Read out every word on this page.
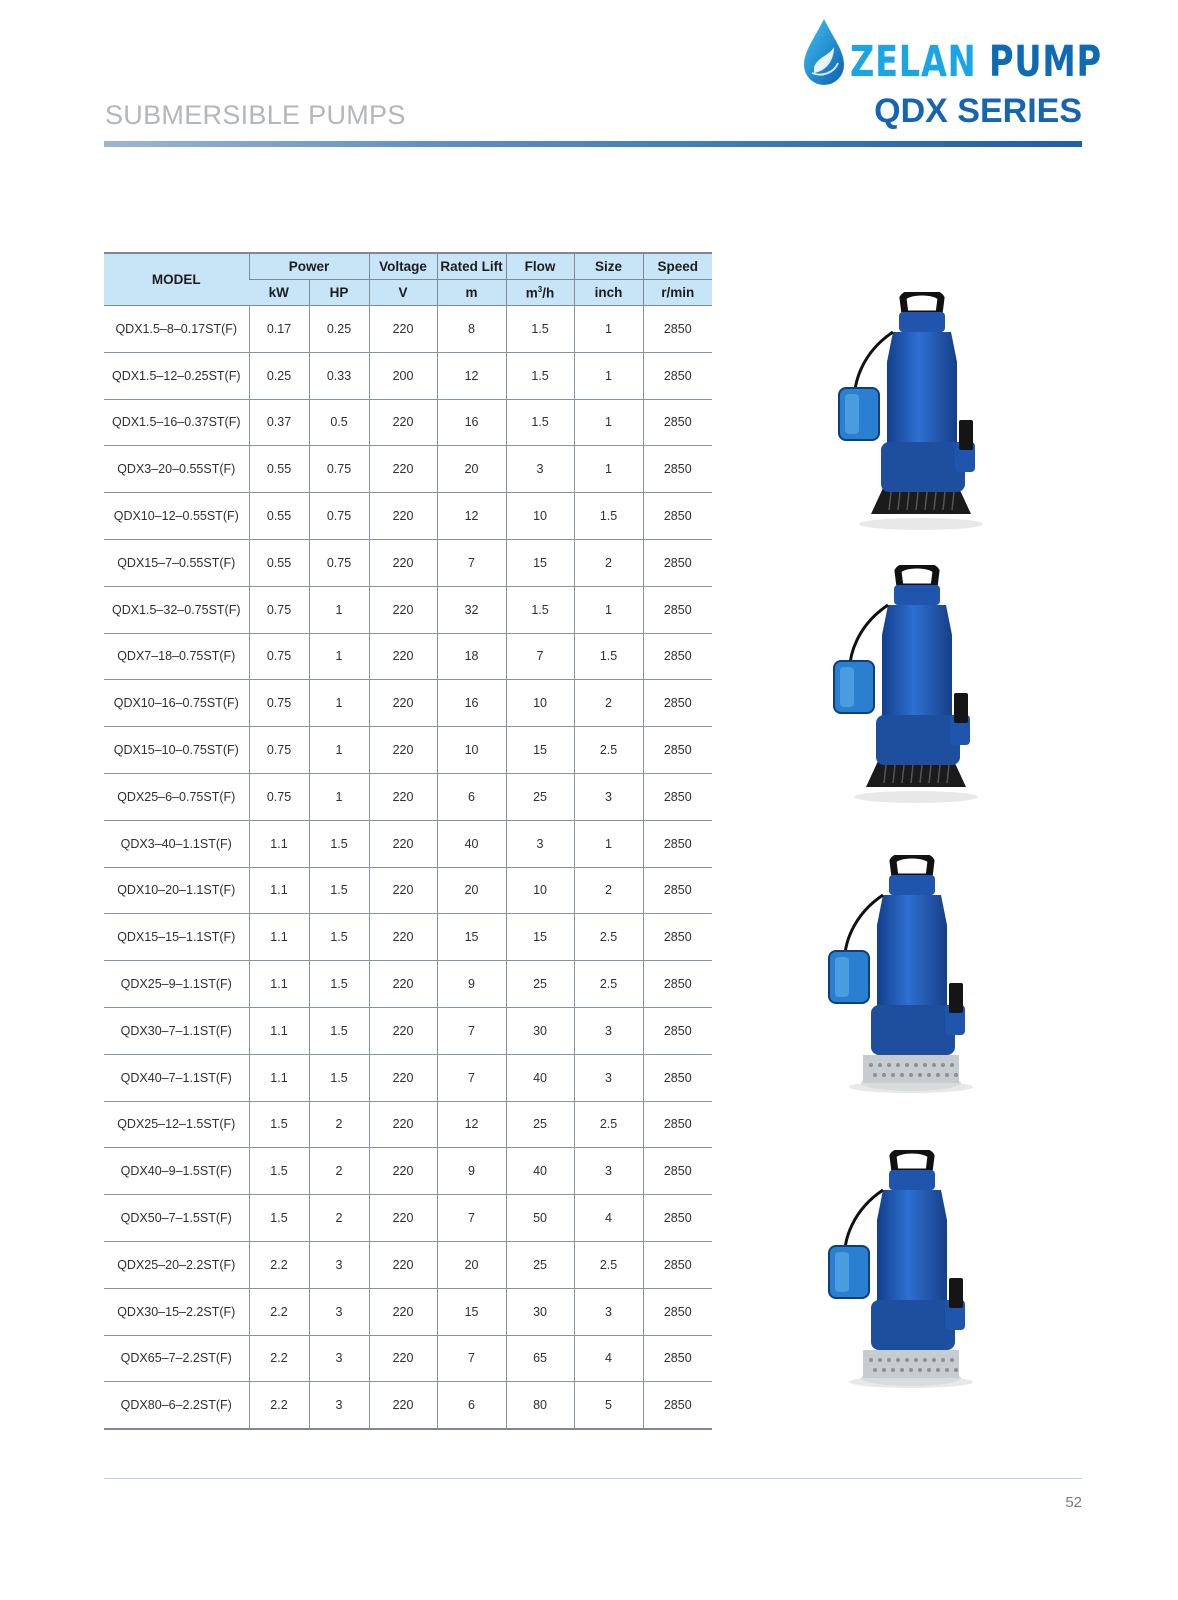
SUBMERSIBLE PUMPS
ZELAN PUMP
QDX SERIES
MODEL	Power		Voltage	Rated Lift	Flow	Size	Speed
	kW	HP	V	m	$m^3/h$	inch	r/min
QDX1.5–8–0.17ST(F)	0.17	0.25	220	8	1.5	1	2850
QDX1.5–12–0.25ST(F)	0.25	0.33	200	12	1.5	1	2850
QDX1.5–16–0.37ST(F)	0.37	0.5	220	16	1.5	1	2850
QDX3–20–0.55ST(F)	0.55	0.75	220	20	3	1	2850
QDX10–12–0.55ST(F)	0.55	0.75	220	12	10	1.5	2850
QDX15–7–0.55ST(F)	0.55	0.75	220	7	15	2	2850
QDX1.5–32–0.75ST(F)	0.75	1	220	32	1.5	1	2850
QDX7–18–0.75ST(F)	0.75	1	220	18	7	1.5	2850
QDX10–16–0.75ST(F)	0.75	1	220	16	10	2	2850
QDX15–10–0.75ST(F)	0.75	1	220	10	15	2.5	2850
QDX25–6–0.75ST(F)	0.75	1	220	6	25	3	2850
QDX3–40–1.1ST(F)	1.1	1.5	220	40	3	1	2850
QDX10–20–1.1ST(F)	1.1	1.5	220	20	10	2	2850
QDX15–15–1.1ST(F)	1.1	1.5	220	15	15	2.5	2850
QDX25–9–1.1ST(F)	1.1	1.5	220	9	25	2.5	2850
QDX30–7–1.1ST(F)	1.1	1.5	220	7	30	3	2850
QDX40–7–1.1ST(F)	1.1	1.5	220	7	40	3	2850
QDX25–12–1.5ST(F)	1.5	2	220	12	25	2.5	2850
QDX40–9–1.5ST(F)	1.5	2	220	9	40	3	2850
QDX50–7–1.5ST(F)	1.5	2	220	7	50	4	2850
QDX25–20–2.2ST(F)	2.2	3	220	20	25	2.5	2850
QDX30–15–2.2ST(F)	2.2	3	220	15	30	3	2850
QDX65–7–2.2ST(F)	2.2	3	220	7	65	4	2850
QDX80–6–2.2ST(F)	2.2	3	220	6	80	5	2850
52
